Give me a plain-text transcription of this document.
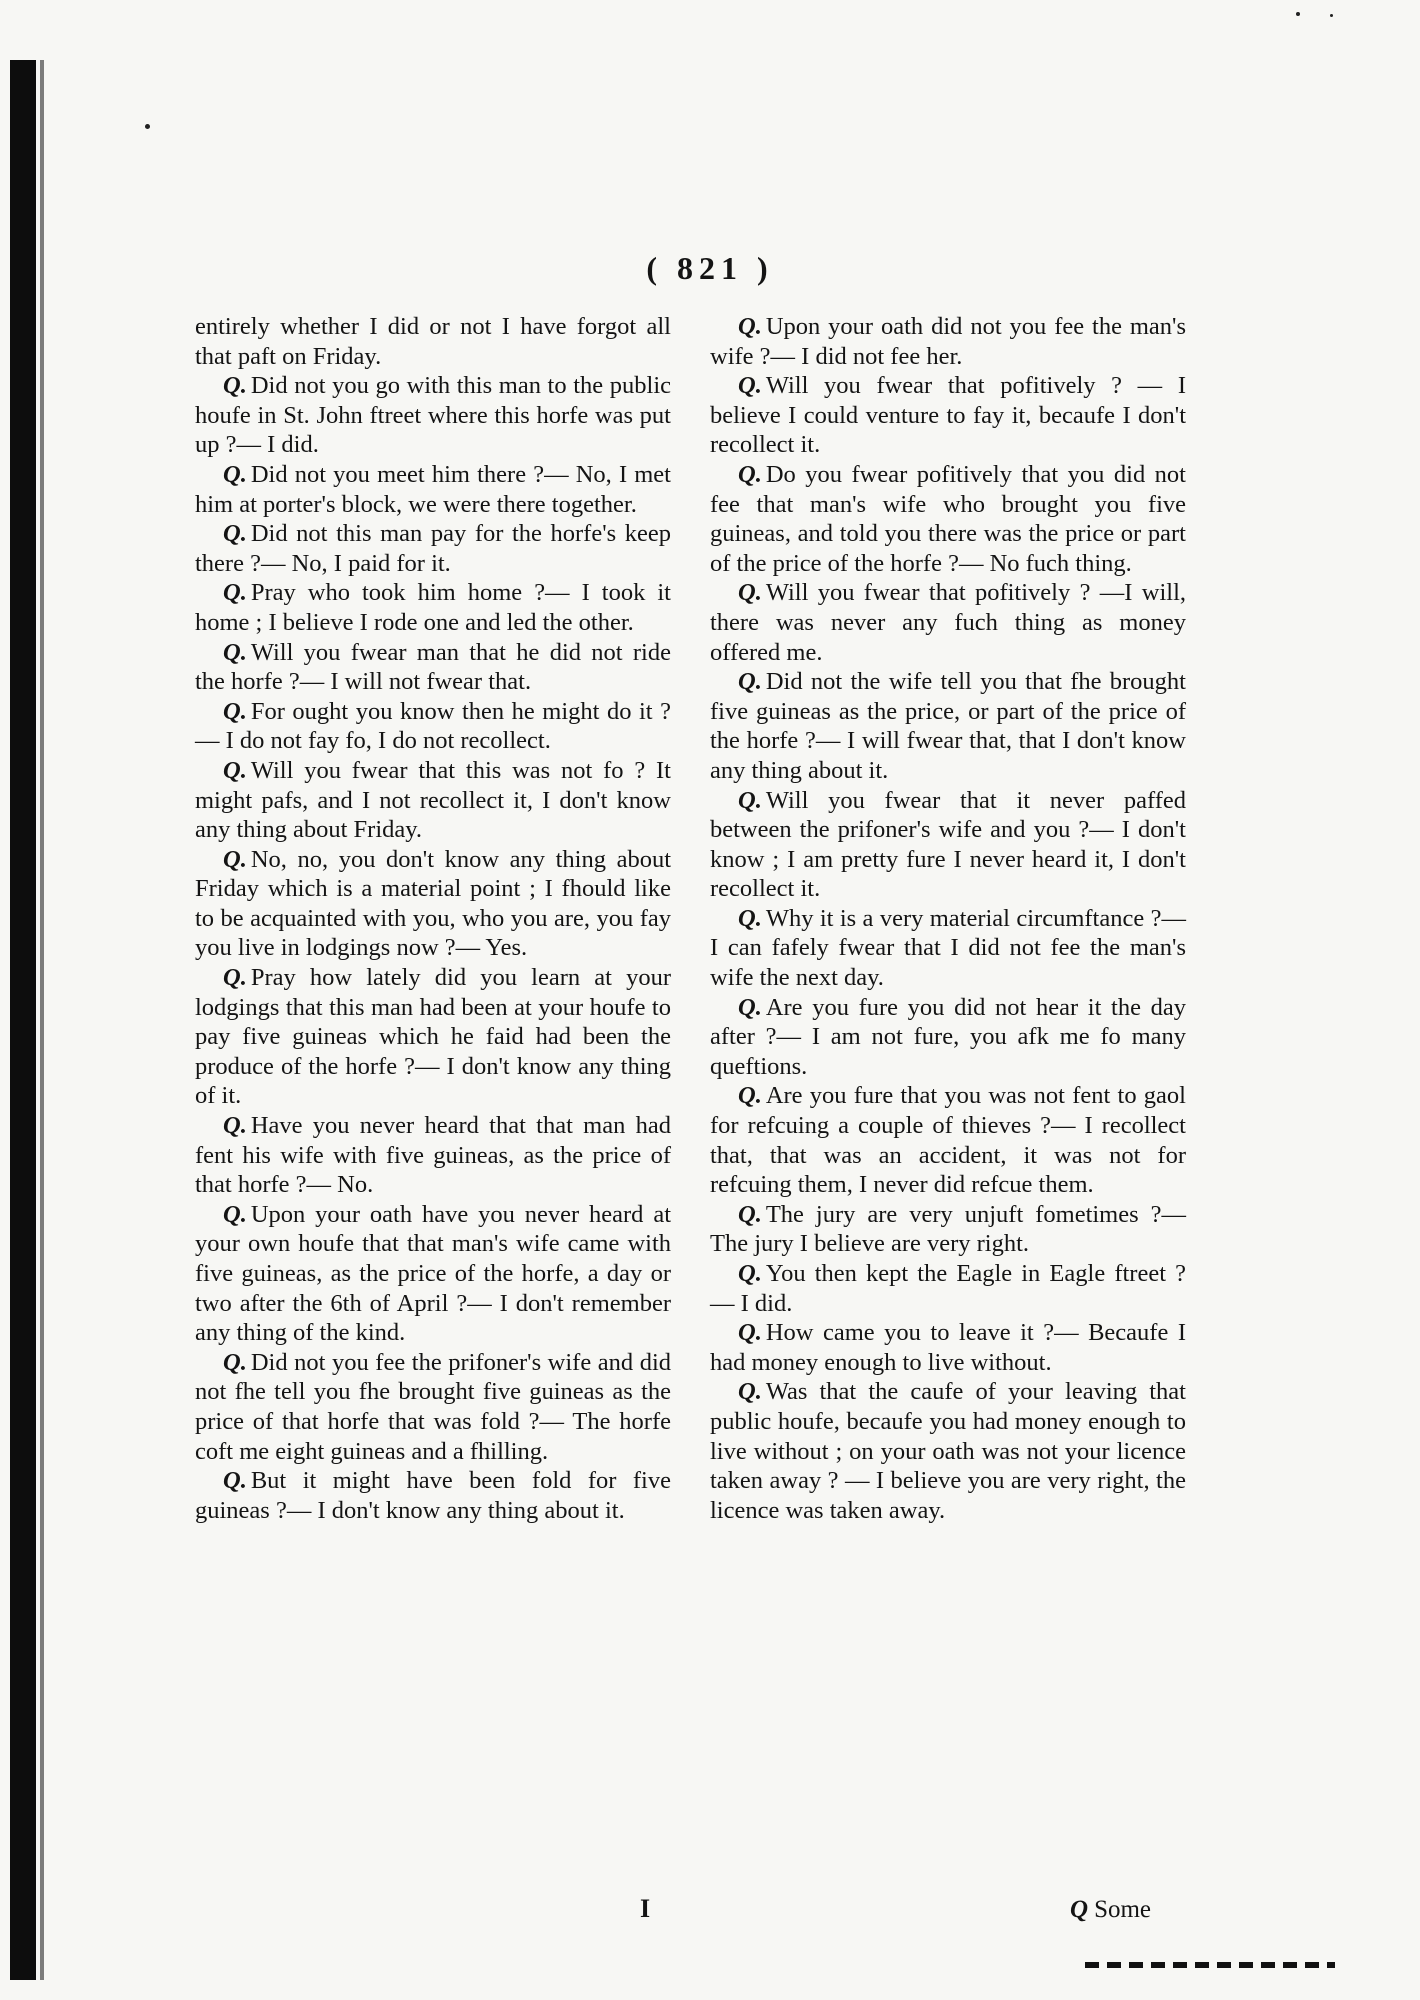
( 821 )

entirely whether I did or not I have forgot all that paft on Friday.

Q. Did not you go with this man to the public houfe in St. John ftreet where this horfe was put up ?— I did.

Q. Did not you meet him there ?— No, I met him at porter's block, we were there together.

Q. Did not this man pay for the horfe's keep there ?— No, I paid for it.

Q. Pray who took him home ?— I took it home ; I believe I rode one and led the other.

Q. Will you fwear man that he did not ride the horfe ?— I will not fwear that.

Q. For ought you know then he might do it ?— I do not fay fo, I do not recollect.

Q. Will you fwear that this was not fo ? It might pafs, and I not recollect it, I don't know any thing about Friday.

Q. No, no, you don't know any thing about Friday which is a material point ; I fhould like to be acquainted with you, who you are, you fay you live in lodgings now ?— Yes.

Q. Pray how lately did you learn at your lodgings that this man had been at your houfe to pay five guineas which he faid had been the produce of the horfe ?— I don't know any thing of it.

Q. Have you never heard that that man had fent his wife with five guineas, as the price of that horfe ?— No.

Q. Upon your oath have you never heard at your own houfe that that man's wife came with five guineas, as the price of the horfe, a day or two after the 6th of April ?— I don't remember any thing of the kind.

Q. Did not you fee the prifoner's wife and did not fhe tell you fhe brought five guineas as the price of that horfe that was fold ?— The horfe coft me eight guineas and a fhilling.

Q. But it might have been fold for five guineas ?— I don't know any thing about it.

Q. Upon your oath did not you fee the man's wife ?— I did not fee her.

Q. Will you fwear that pofitively ? — I believe I could venture to fay it, becaufe I don't recollect it.

Q. Do you fwear pofitively that you did not fee that man's wife who brought you five guineas, and told you there was the price or part of the price of the horfe ?— No fuch thing.

Q. Will you fwear that pofitively ? —I will, there was never any fuch thing as money offered me.

Q. Did not the wife tell you that fhe brought five guineas as the price, or part of the price of the horfe ?— I will fwear that, that I don't know any thing about it.

Q. Will you fwear that it never paffed between the prifoner's wife and you ?— I don't know ; I am pretty fure I never heard it, I don't recollect it.

Q. Why it is a very material circumftance ?— I can fafely fwear that I did not fee the man's wife the next day.

Q. Are you fure you did not hear it the day after ?— I am not fure, you afk me fo many queftions.

Q. Are you fure that you was not fent to gaol for refcuing a couple of thieves ?— I recollect that, that was an accident, it was not for refcuing them, I never did refcue them.

Q. The jury are very unjuft fometimes ?— The jury I believe are very right.

Q. You then kept the Eagle in Eagle ftreet ?— I did.

Q. How came you to leave it ?— Becaufe I had money enough to live without.

Q. Was that the caufe of your leaving that public houfe, becaufe you had money enough to live without ; on your oath was not your licence taken away ? — I believe you are very right, the licence was taken away.

I	Q Some
